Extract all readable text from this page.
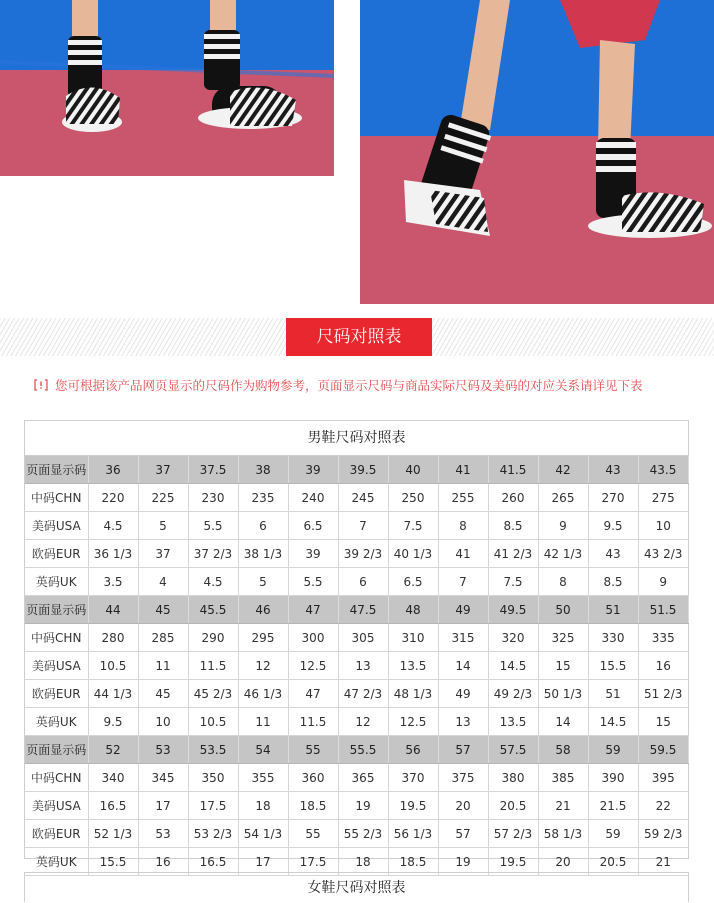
尺码对照表
您可根据该产品网页显示的尺码作为购物参考，页面显示尺码与商品实际尺码及美码的对应关系请详见下表
男鞋尺码对照表
页面显示码	36	37	37.5	38	39	39.5	40	41	41.5	42	43	43.5
中码CHN	220	225	230	235	240	245	250	255	260	265	270	275
美码USA	4.5	5	5.5	6	6.5	7	7.5	8	8.5	9	9.5	10
欧码EUR	36 1/3	37	37 2/3	38 1/3	39	39 2/3	40 1/3	41	41 2/3	42 1/3	43	43 2/3
英码UK	3.5	4	4.5	5	5.5	6	6.5	7	7.5	8	8.5	9
页面显示码	44	45	45.5	46	47	47.5	48	49	49.5	50	51	51.5
中码CHN	280	285	290	295	300	305	310	315	320	325	330	335
美码USA	10.5	11	11.5	12	12.5	13	13.5	14	14.5	15	15.5	16
欧码EUR	44 1/3	45	45 2/3	46 1/3	47	47 2/3	48 1/3	49	49 2/3	50 1/3	51	51 2/3
英码UK	9.5	10	10.5	11	11.5	12	12.5	13	13.5	14	14.5	15
页面显示码	52	53	53.5	54	55	55.5	56	57	57.5	58	59	59.5
中码CHN	340	345	350	355	360	365	370	375	380	385	390	395
美码USA	16.5	17	17.5	18	18.5	19	19.5	20	20.5	21	21.5	22
欧码EUR	52 1/3	53	53 2/3	54 1/3	55	55 2/3	56 1/3	57	57 2/3	58 1/3	59	59 2/3
英码UK	15.5	16	16.5	17	17.5	18	18.5	19	19.5	20	20.5	21
女鞋尺码对照表
